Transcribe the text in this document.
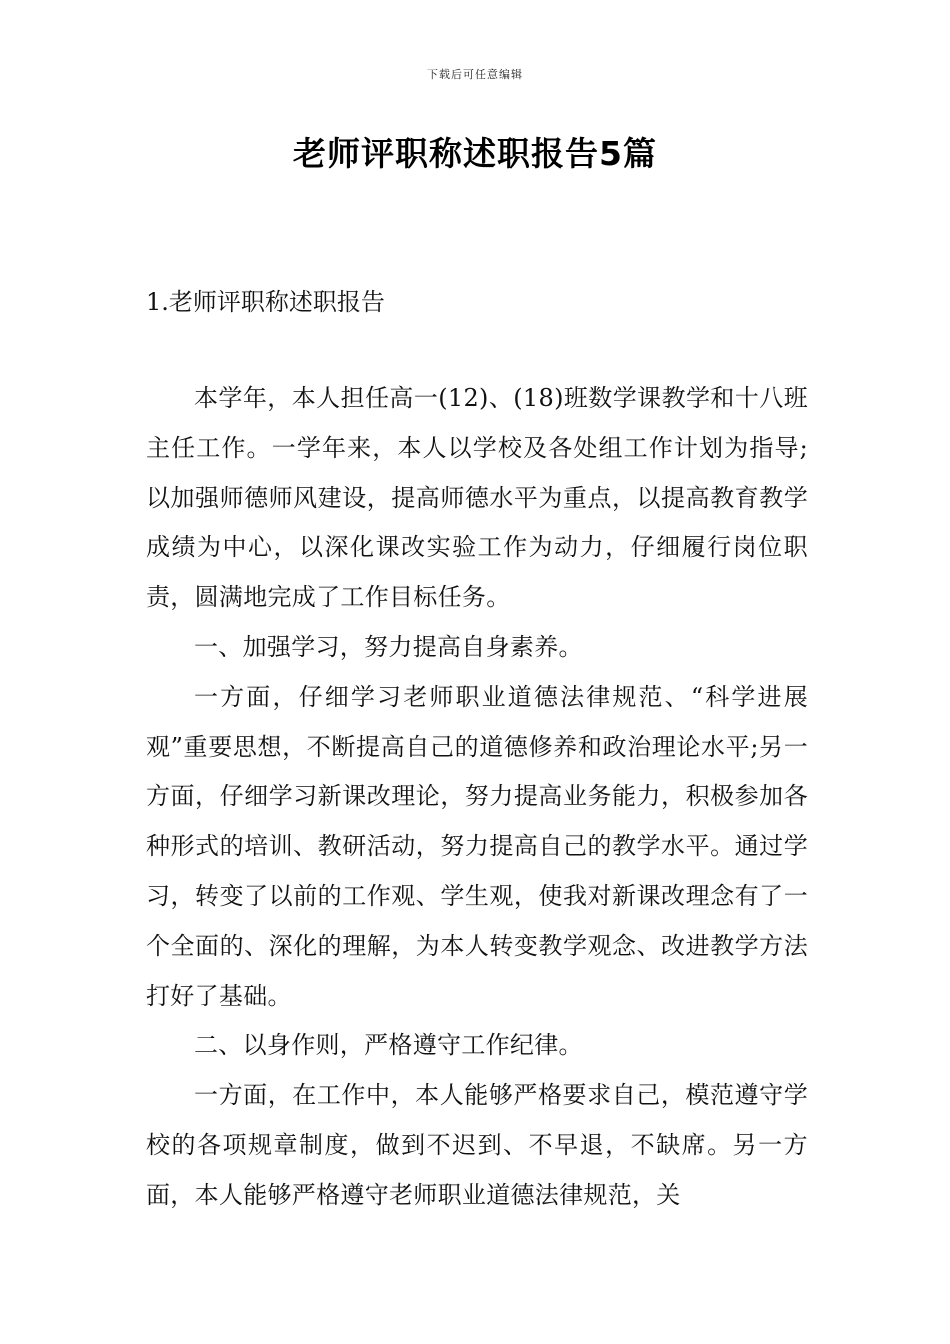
下载后可任意编辑
老师评职称述职报告5篇
1.老师评职称述职报告

本学年，本人担任高一(12)、(18)班数学课教学和十八班主任工作。一学年来，本人以学校及各处组工作计划为指导;以加强师德师风建设，提高师德水平为重点，以提高教育教学成绩为中心，以深化课改实验工作为动力，仔细履行岗位职责，圆满地完成了工作目标任务。

一、加强学习，努力提高自身素养。

一方面，仔细学习老师职业道德法律规范、“科学进展观”重要思想，不断提高自己的道德修养和政治理论水平;另一方面，仔细学习新课改理论，努力提高业务能力，积极参加各种形式的培训、教研活动，努力提高自己的教学水平。通过学习，转变了以前的工作观、学生观，使我对新课改理念有了一个全面的、深化的理解，为本人转变教学观念、改进教学方法打好了基础。

二、以身作则，严格遵守工作纪律。

一方面，在工作中，本人能够严格要求自己，模范遵守学校的各项规章制度，做到不迟到、不早退，不缺席。另一方面，本人能够严格遵守老师职业道德法律规范，关
